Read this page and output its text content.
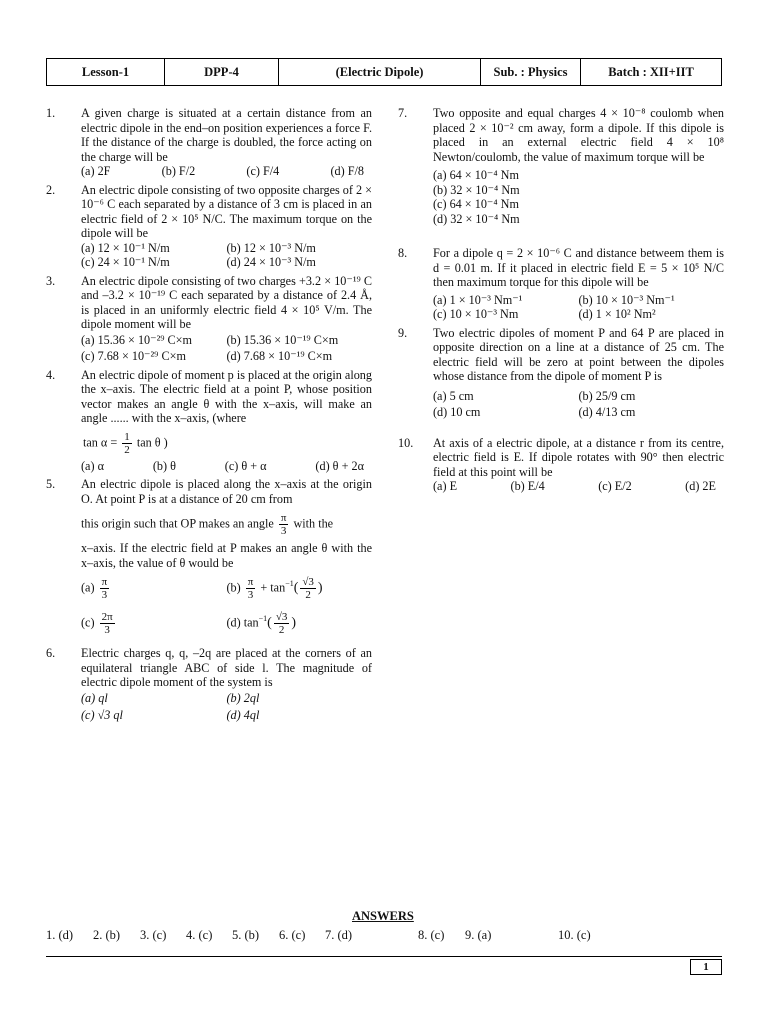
Lesson-1	DPP-4	(Electric Dipole)	Sub. : Physics	Batch : XII+IIT
1. A given charge is situated at a certain distance from an electric dipole in the end–on position experiences a force F. If the distance of the charge is doubled, the force acting on the charge will be

(a) 2F	(b) F/2	(c) F/4	(d) F/8
2. An electric dipole consisting of two opposite charges of 2 × 10⁻⁶ C each separated by a distance of 3 cm is placed in an electric field of 2 × 10⁵ N/C. The maximum torque on the dipole will be

(a) 12 × 10⁻¹ N/m	(b) 12 × 10⁻³ N/m
(c) 24 × 10⁻¹ N/m	(d) 24 × 10⁻³ N/m
3. An electric dipole consisting of two charges +3.2 × 10⁻¹⁹ C and –3.2 × 10⁻¹⁹ C each separated by a distance of 2.4 Å, is placed in an uniformly electric field 4 × 10⁵ V/m. The dipole moment will be

(a) 15.36 × 10⁻²⁹ C×m	(b) 15.36 × 10⁻¹⁹ C×m
(c) 7.68 × 10⁻²⁹ C×m	(d) 7.68 × 10⁻¹⁹ C×m
4. An electric dipole of moment p is placed at the origin along the x–axis. The electric field at a point P, whose position vector makes an angle θ with the x–axis, will make an angle ...... with the x–axis, (where

$\tan \alpha = \frac{1}{2}$ tan θ )
(a) α	(b) θ	(c) θ + α	(d) θ + 2α
5. An electric dipole is placed along the x–axis at the origin O. At point P is at a distance of 20 cm from

this origin such that OP makes an angle $\frac{\pi}{3}$ with the

x–axis. If the electric field at P makes an angle θ with the x–axis, the value of θ would be

$(a) \frac{\pi}{3}$	$(b) \frac{\pi}{3} + \tan^{-1}( \frac{√3}{2}$ )
$(c) \frac{2\pi}{3}$	(d) $\tan^{-1}( \frac{√3}{2}$ )
6. Electric charges q, q, –2q are placed at the corners of an equilateral triangle ABC of side l. The magnitude of electric dipole moment of the system is

(a) ql	(b) 2ql
(c) √3 ql	(d) 4ql
7. Two opposite and equal charges 4 × 10⁻⁸ coulomb when placed 2 × 10⁻² cm away, form a dipole. If this dipole is placed in an external electric field 4 × 10⁸ Newton/coulomb, the value of maximum torque will be

(a) 64 × 10⁻⁴ Nm
(b) 32 × 10⁻⁴ Nm
(c) 64 × 10⁻⁴ Nm
(d) 32 × 10⁻⁴ Nm
8. For a dipole q = 2 × 10⁻⁶ C and distance betweem them is d = 0.01 m. If it placed in electric field E = 5 × 10⁵ N/C then maximum torque for this dipole will be

(a) 1 × 10⁻³ Nm⁻¹	(b) 10 × 10⁻³ Nm⁻¹
(c) 10 × 10⁻³ Nm	(d) 1 × 10² Nm²
9. Two electric dipoles of moment P and 64 P are placed in opposite direction on a line at a distance of 25 cm. The electric field will be zero at point between the dipoles whose distance from the dipole of moment P is

(a) 5 cm	(b) 25/9 cm
(d) 10 cm	(d) 4/13 cm
10. At axis of a electric dipole, at a distance r from its centre, electric field is E. If dipole rotates with 90° then electric field at this point will be

(a) E	(b) E/4	(c) E/2	(d) 2E
ANSWERS
1. (d) 2. (b) 3. (c) 4. (c) 5. (b) 6. (c) 7. (d)	8. (c) 9. (a)	10. (c)
1
